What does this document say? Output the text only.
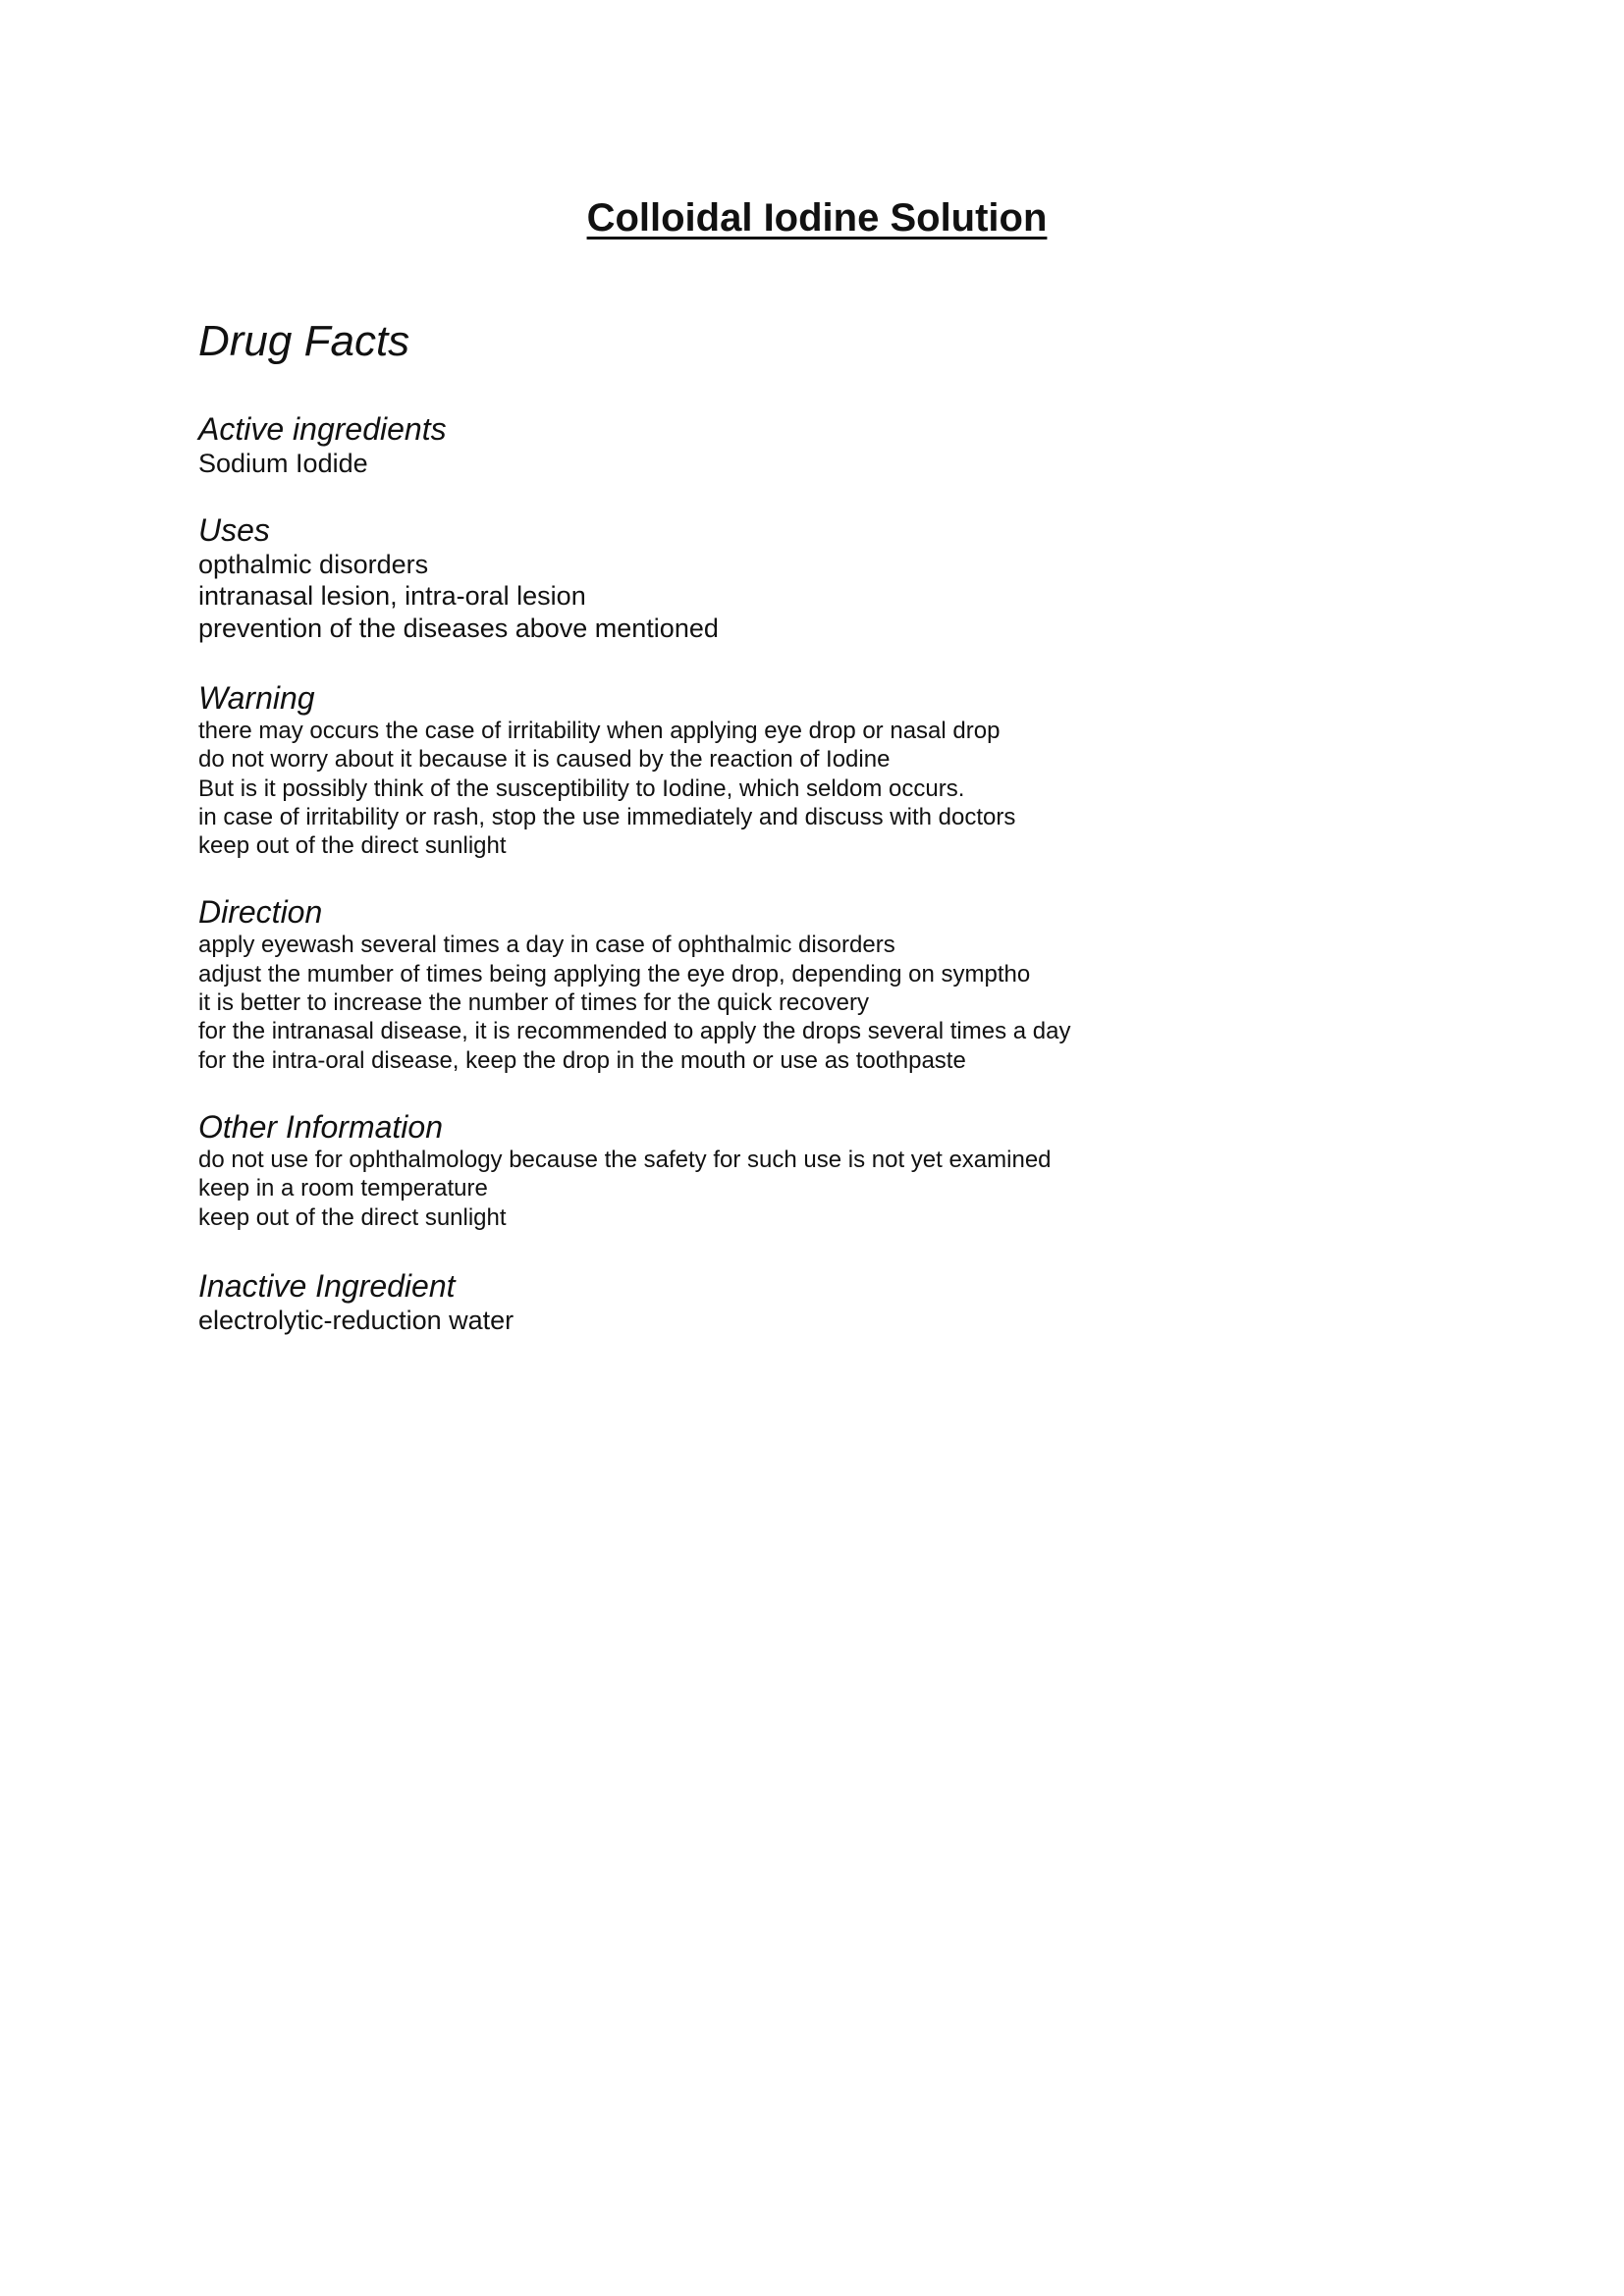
Colloidal Iodine Solution
Drug Facts
Active ingredients
Sodium Iodide
Uses
opthalmic disorders
intranasal lesion, intra-oral lesion
prevention of the diseases above mentioned
Warning
there may occurs the case of irritability when applying eye drop or nasal drop
do not worry about it because it is caused by the reaction of Iodine
But is it possibly think of the susceptibility to Iodine, which seldom occurs.
in case of irritability or rash, stop the use immediately and discuss with doctors
keep out of the direct sunlight
Direction
apply eyewash several times a day in case of ophthalmic disorders
adjust the mumber of times being applying the eye drop, depending on symptho
it is better to increase the number of times for the quick recovery
for the intranasal disease, it is recommended to apply the drops several times a day
for the intra-oral disease, keep the drop in the mouth or use as toothpaste
Other Information
do not use for ophthalmology because the safety for such use is not yet examined
keep in a room temperature
keep out of the direct sunlight
Inactive Ingredient
electrolytic-reduction water
